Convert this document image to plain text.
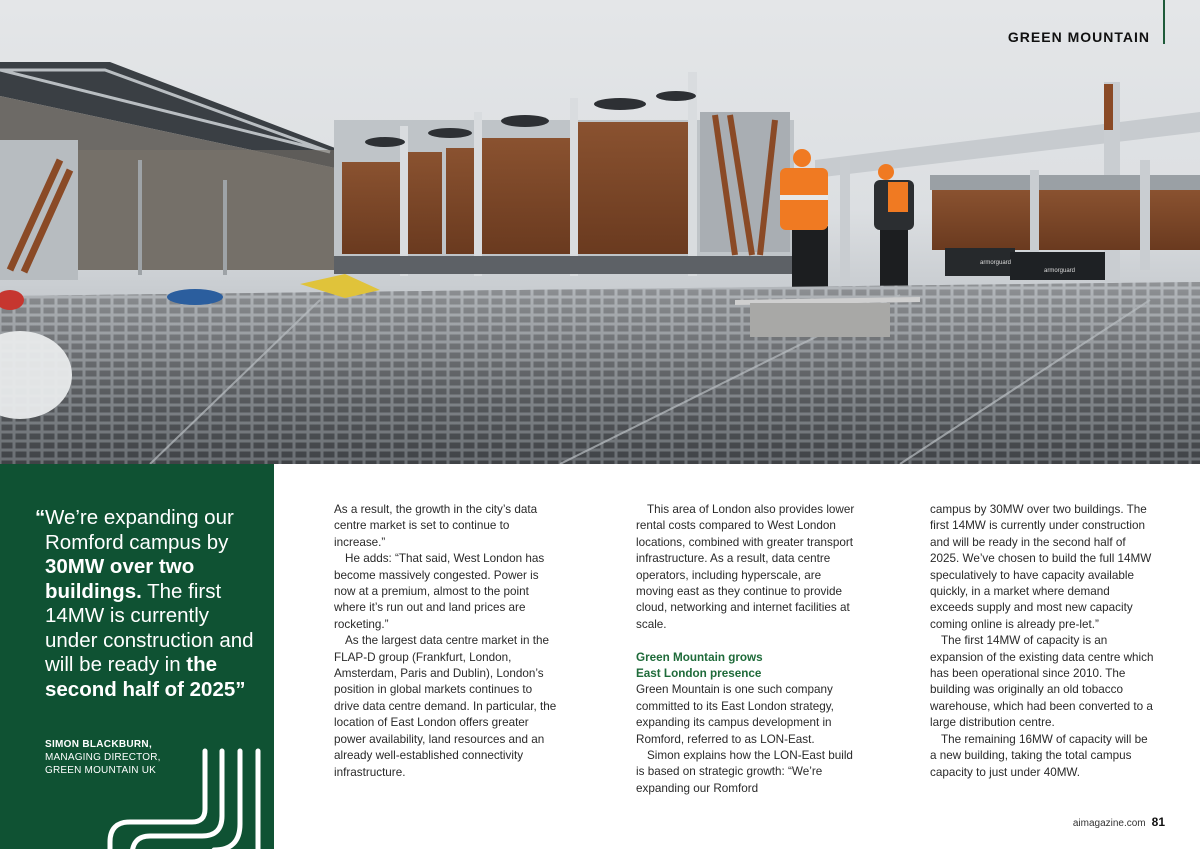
armorguard
armorguard
GREEN MOUNTAIN
“ We’re expanding our Romford campus by 30MW over two buildings. The first 14MW is currently under construction and will be ready in the second half of 2025”
SIMON BLACKBURN,
MANAGING DIRECTOR,
GREEN MOUNTAIN UK

As a result, the growth in the city’s data centre market is set to continue to increase.”

He adds: “That said, West London has become massively congested. Power is now at a premium, almost to the point where it’s run out and land prices are rocketing.”

As the largest data centre market in the FLAP-D group (Frankfurt, London, Amsterdam, Paris and Dublin), London’s position in global markets continues to drive data centre demand. In particular, the location of East London offers greater power availability, land resources and an already well-established connectivity infrastructure.

This area of London also provides lower rental costs compared to West London locations, combined with greater transport infrastructure. As a result, data centre operators, including hyperscale, are moving east as they continue to provide cloud, networking and internet facilities at scale.

Green Mountain grows
East London presence

Green Mountain is one such company committed to its East London strategy, expanding its campus development in Romford, referred to as LON-East.

Simon explains how the LON-East build is based on strategic growth: “We’re expanding our Romford

campus by 30MW over two buildings. The first 14MW is currently under construction and will be ready in the second half of 2025. We’ve chosen to build the full 14MW speculatively to have capacity available quickly, in a market where demand exceeds supply and most new capacity coming online is already pre-let.”

The first 14MW of capacity is an expansion of the existing data centre which has been operational since 2010. The building was originally an old tobacco warehouse, which had been converted to a large distribution centre.

The remaining 16MW of capacity will be a new building, taking the total campus capacity to just under 40MW.

aimagazine.com 81
